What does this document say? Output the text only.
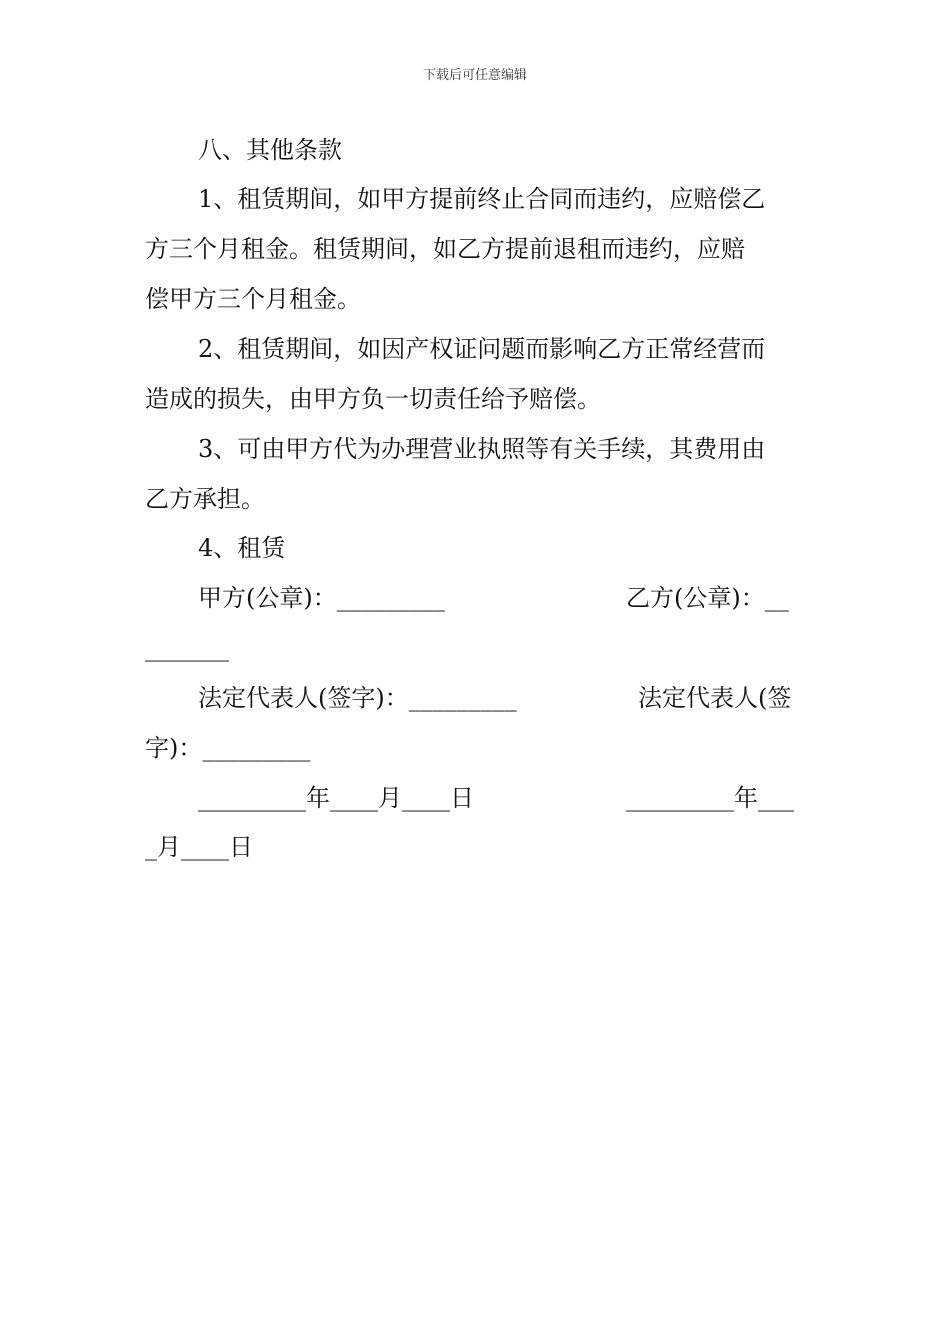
下载后可任意编辑
八、其他条款
1、租赁期间，如甲方提前终止合同而违约，应赔偿乙
方三个月租金。租赁期间，如乙方提前退租而违约，应赔
偿甲方三个月租金。
2、租赁期间，如因产权证问题而影响乙方正常经营而
造成的损失，由甲方负一切责任给予赔偿。
3、可由甲方代为办理营业执照等有关手续，其费用由
乙方承担。
4、租赁
甲方(公章)：_________	乙方(公章)：__
_______
法定代表人(签字)：_________	法定代表人(签
字)：_________
_________年____月____日	_________年___
_月____日
